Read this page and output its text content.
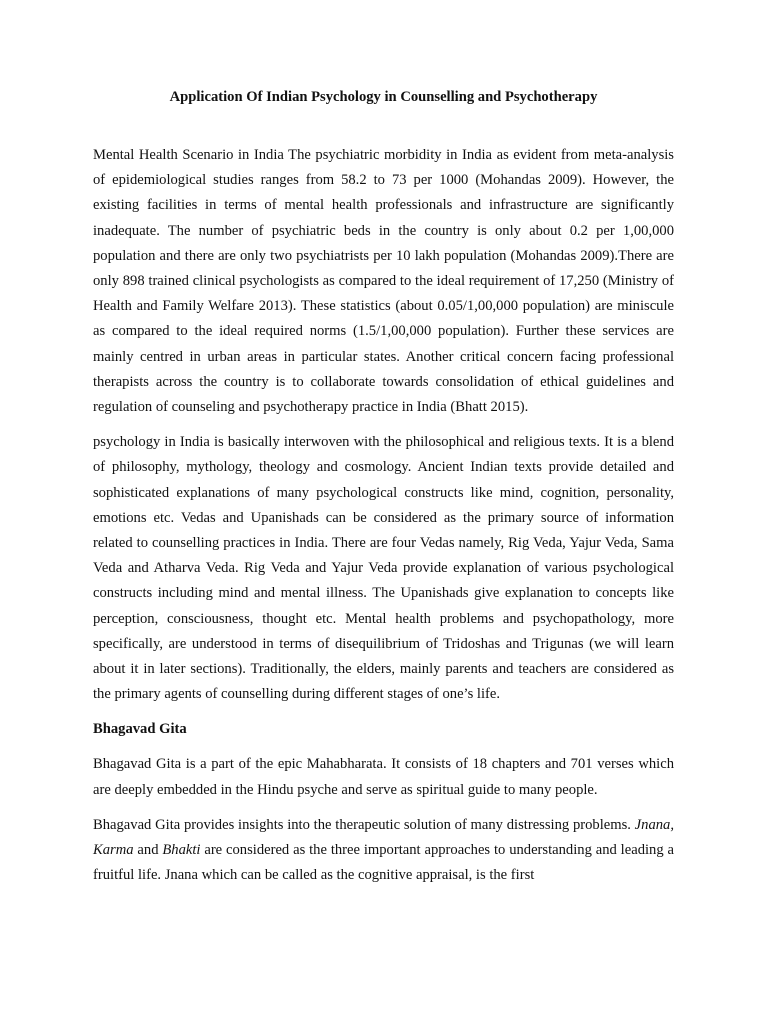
Application Of Indian Psychology in Counselling and Psychotherapy

Mental Health Scenario in India The psychiatric morbidity in India as evident from meta-analysis of epidemiological studies ranges from 58.2 to 73 per 1000 (Mohandas 2009). However, the existing facilities in terms of mental health professionals and infrastructure are significantly inadequate. The number of psychiatric beds in the country is only about 0.2 per 1,00,000 population and there are only two psychiatrists per 10 lakh population (Mohandas 2009).There are only 898 trained clinical psychologists as compared to the ideal requirement of 17,250 (Ministry of Health and Family Welfare 2013). These statistics (about 0.05/1,00,000 population) are miniscule as compared to the ideal required norms (1.5/1,00,000 population). Further these services are mainly centred in urban areas in particular states. Another critical concern facing professional therapists across the country is to collaborate towards consolidation of ethical guidelines and regulation of counseling and psychotherapy practice in India (Bhatt 2015).

psychology in India is basically interwoven with the philosophical and religious texts. It is a blend of philosophy, mythology, theology and cosmology. Ancient Indian texts provide detailed and sophisticated explanations of many psychological constructs like mind, cognition, personality, emotions etc. Vedas and Upanishads can be considered as the primary source of information related to counselling practices in India. There are four Vedas namely, Rig Veda, Yajur Veda, Sama Veda and Atharva Veda. Rig Veda and Yajur Veda provide explanation of various psychological constructs including mind and mental illness. The Upanishads give explanation to concepts like perception, consciousness, thought etc. Mental health problems and psychopathology, more specifically, are understood in terms of disequilibrium of Tridoshas and Trigunas (we will learn about it in later sections). Traditionally, the elders, mainly parents and teachers are considered as the primary agents of counselling during different stages of one’s life.

Bhagavad Gita

Bhagavad Gita is a part of the epic Mahabharata. It consists of 18 chapters and 701 verses which are deeply embedded in the Hindu psyche and serve as spiritual guide to many people.

Bhagavad Gita provides insights into the therapeutic solution of many distressing problems. Jnana, Karma and Bhakti are considered as the three important approaches to understanding and leading a fruitful life. Jnana which can be called as the cognitive appraisal, is the first
